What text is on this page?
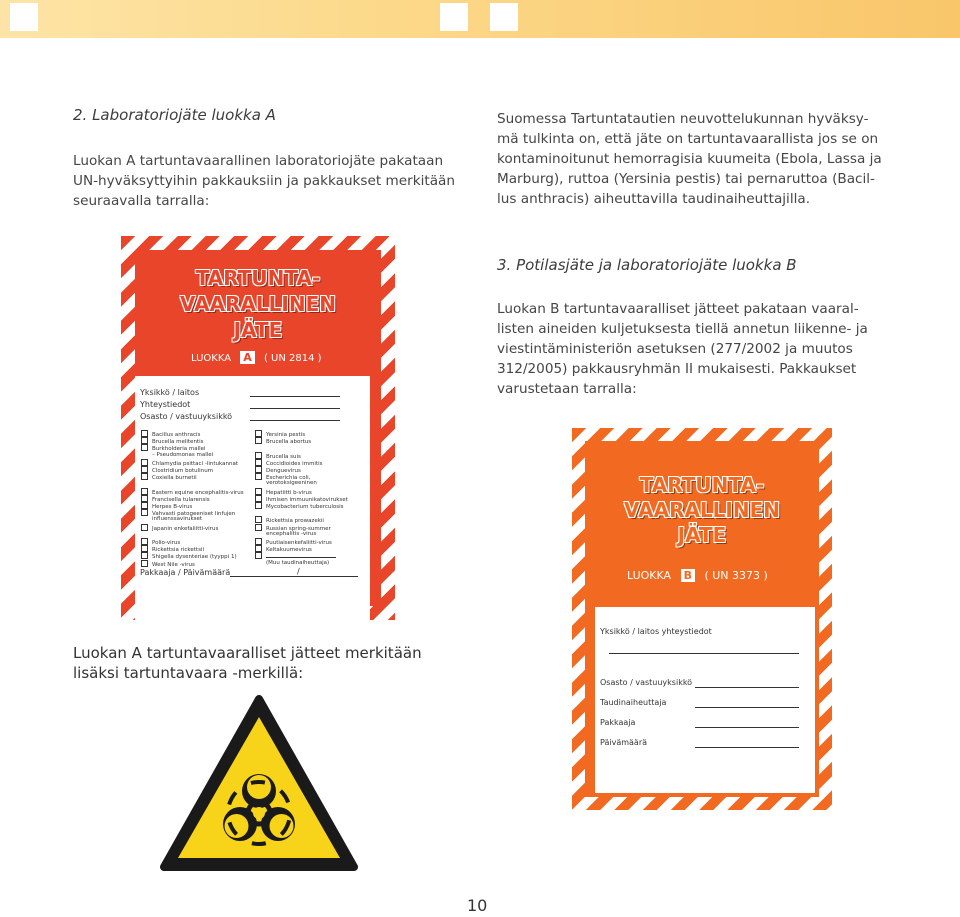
2. Laboratoriojäte luokka A
Luokan A tartuntavaarallinen laboratoriojäte pakataan
UN-hyväksyttyihin pakkauksiin ja pakkaukset merkitään
seuraavalla tarralla:
Suomessa Tartuntatautien neuvottelukunnan hyväksy-
mä tulkinta on, että jäte on tartuntavaarallista jos se on
kontaminoitunut hemorragisia kuumeita (Ebola, Lassa ja
Marburg), ruttoa (Yersinia pestis) tai pernaruttoa (Bacil-
lus anthracis) aiheuttavilla taudinaiheuttajilla.
3. Potilasjäte ja laboratoriojäte luokka B
Luokan B tartuntavaaralliset jätteet pakataan vaaral-
listen aineiden kuljetuksesta tiellä annetun liikenne- ja
viestintäministeriön asetuksen (277/2002 ja muutos
312/2005) pakkausryhmän II mukaisesti. Pakkaukset
varustetaan tarralla:
TARTUNTA-
VAARALLINEN
JÄTE
LUOKKA A ( UN 2814 )
Yksikkö / laitos
Yhteystiedot
Osasto / vastuuyksikkö
Bacillus anthracis
Brucella melitentis
Burkholderia mallei
– Pseudomonas mallei
Chlamydia psittaci -lintukannat
Clostridium botulinum
Coxiella burnetii
Eastern equine encephalitis-virus
Francisella tularensis
Herpes B-virus
Vahvasti patogeeniset linfujen
influenssavirukset
Japanin enkefaliitti-virus
Polio-virus
Rickettsia rickettsii
Shigella dysenteriae (tyyppi 1)
West Nile -virus
Yersinia pestis
Brucella abortus
Brucella suis
Coccidioides immitis
Denguevirus
Escherichia coli,
verotoksigeeninen
Hepatiitti b-virus
Ihmisen immuunikatovirukset
Mycobacterium tuberculosis
Rickettsia prowazekii
Russian spring-summer
encephalitis -virus
Puutiaisenkefaliitti-virus
Keltakuumevirus
(Muu taudinaiheuttaja)
Pakkaaja / Päivämäärä	/
Luokan A tartuntavaaralliset jätteet merkitään
lisäksi tartuntavaara -merkillä:
TARTUNTA-
VAARALLINEN
JÄTE
LUOKKA B ( UN 3373 )
Yksikkö / laitos yhteystiedot
Osasto / vastuuyksikkö
Taudinaiheuttaja
Pakkaaja
Päivämäärä
10
